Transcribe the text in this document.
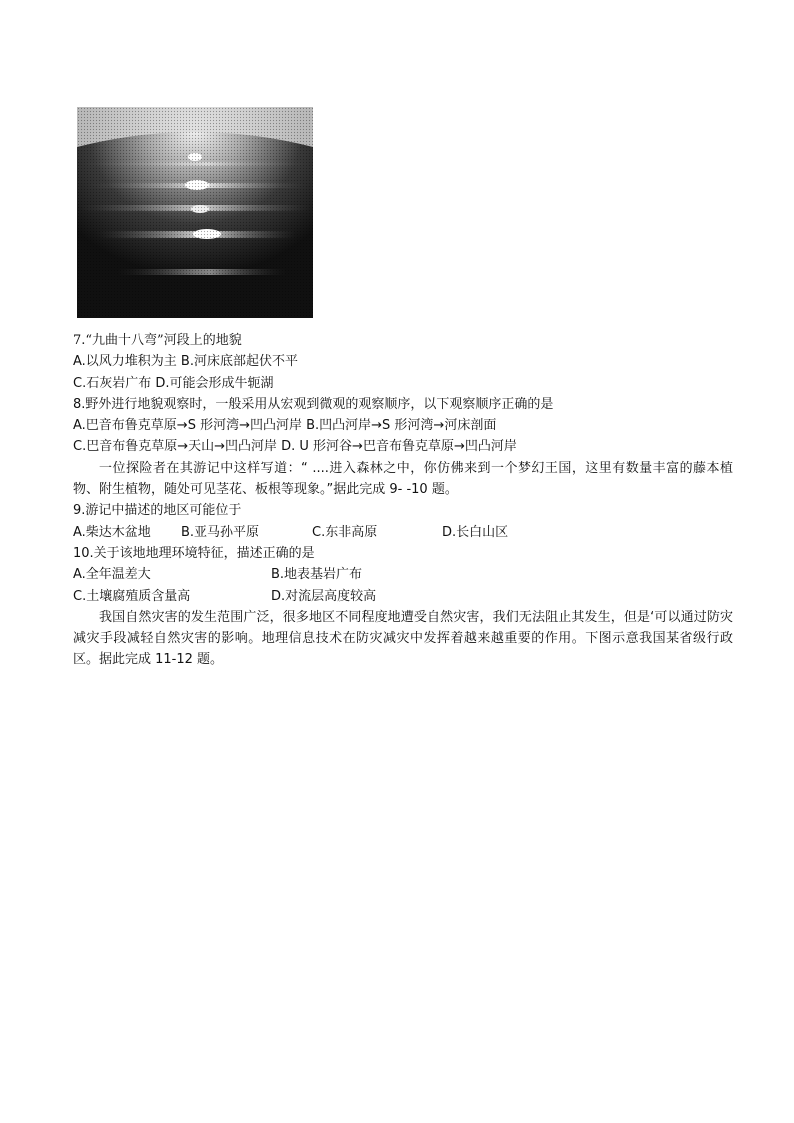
7.“九曲十八弯”河段上的地貌
A.以风力堆积为主 B.河床底部起伏不平
C.石灰岩广布 D.可能会形成牛轭湖
8.野外进行地貌观察时，一般采用从宏观到微观的观察顺序，以下观察顺序正确的是
A.巴音布鲁克草原→S 形河湾→凹凸河岸 B.凹凸河岸→S 形河湾→河床剖面
C.巴音布鲁克草原→天山→凹凸河岸 D. U 形河谷→巴音布鲁克草原→凹凸河岸
一位探险者在其游记中这样写道：“ ....进入森林之中，你仿佛来到一个梦幻王国，这里有数量丰富的藤本植物、附生植物，随处可见茎花、板根等现象。”据此完成 9- -10 题。
9.游记中描述的地区可能位于
A.柴达木盆地	B.亚马孙平原	C.东非高原	D.长白山区
10.关于该地地理环境特征，描述正确的是
A.全年温差大	B.地表基岩广布
C.土壤腐殖质含量高	D.对流层高度较高
我国自然灾害的发生范围广泛，很多地区不同程度地遭受自然灾害，我们无法阻止其发生，但是‘可以通过防灾减灾手段减轻自然灾害的影响。地理信息技术在防灾减灾中发挥着越来越重要的作用。下图示意我国某省级行政区。据此完成 11-12 题。
